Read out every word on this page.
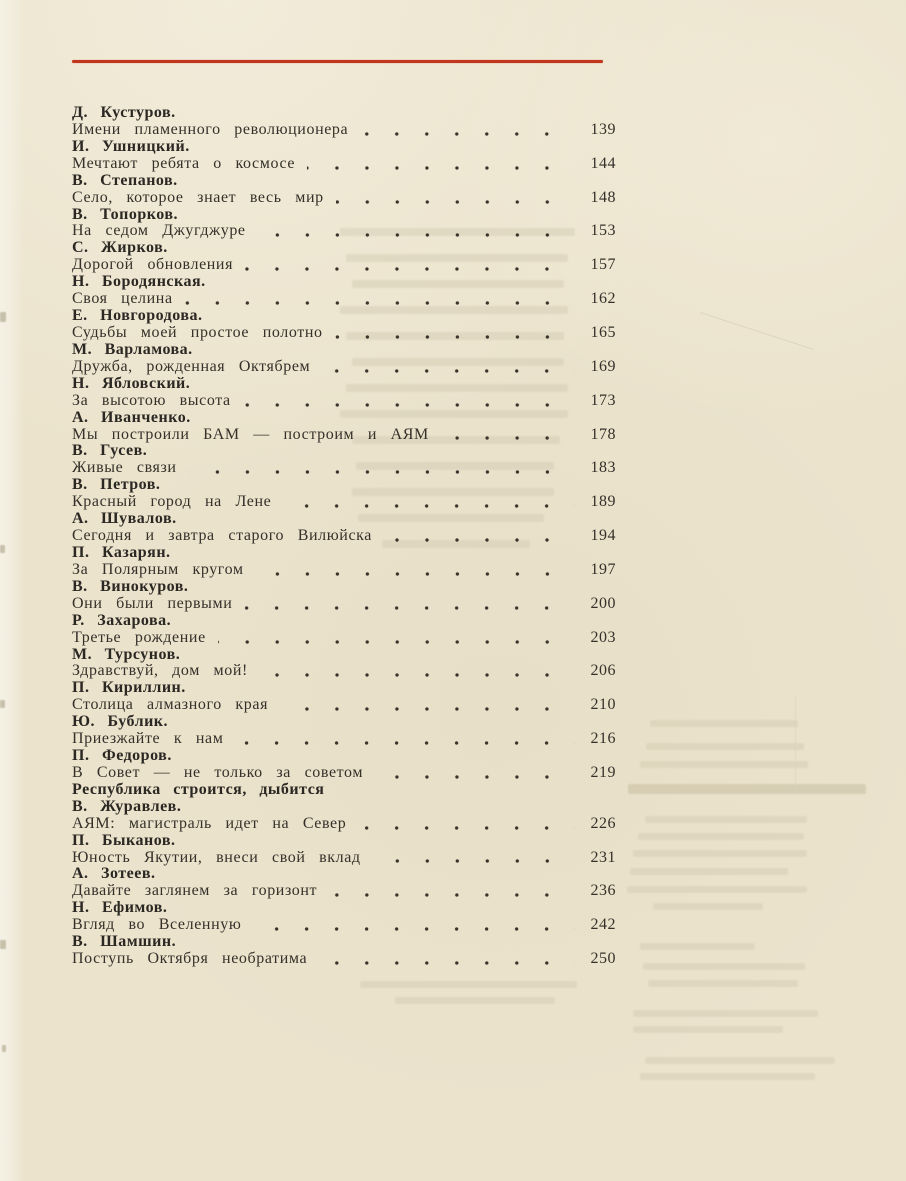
Д. Кустуров.
Имени пламенного революционера	139
И. Ушницкий.
Мечтают ребята о космосе	144
В. Степанов.
Село, которое знает весь мир	148
В. Топорков.
На седом Джугджуре	153
С. Жирков.
Дорогой обновления	157
Н. Бородянская.
Своя целина	162
Е. Новгородова.
Судьбы моей простое полотно	165
М. Варламова.
Дружба, рожденная Октябрем	169
Н. Ябловский.
За высотою высота	173
А. Иванченко.
Мы построили БАМ — построим и АЯМ	178
В. Гусев.
Живые связи	183
В. Петров.
Красный город на Лене	189
А. Шувалов.
Сегодня и завтра старого Вилюйска	194
П. Казарян.
За Полярным кругом	197
В. Винокуров.
Они были первыми	200
Р. Захарова.
Третье рождение	203
М. Турсунов.
Здравствуй, дом мой!	206
П. Кириллин.
Столица алмазного края	210
Ю. Бублик.
Приезжайте к нам	216
П. Федоров.
В Совет — не только за советом	219
Республика строится, дыбится
В. Журавлев.
АЯМ: магистраль идет на Север	226
П. Быканов.
Юность Якутии, внеси свой вклад	231
А. Зотеев.
Давайте заглянем за горизонт	236
Н. Ефимов.
Вгляд во Вселенную	242
В. Шамшин.
Поступь Октября необратима	250
